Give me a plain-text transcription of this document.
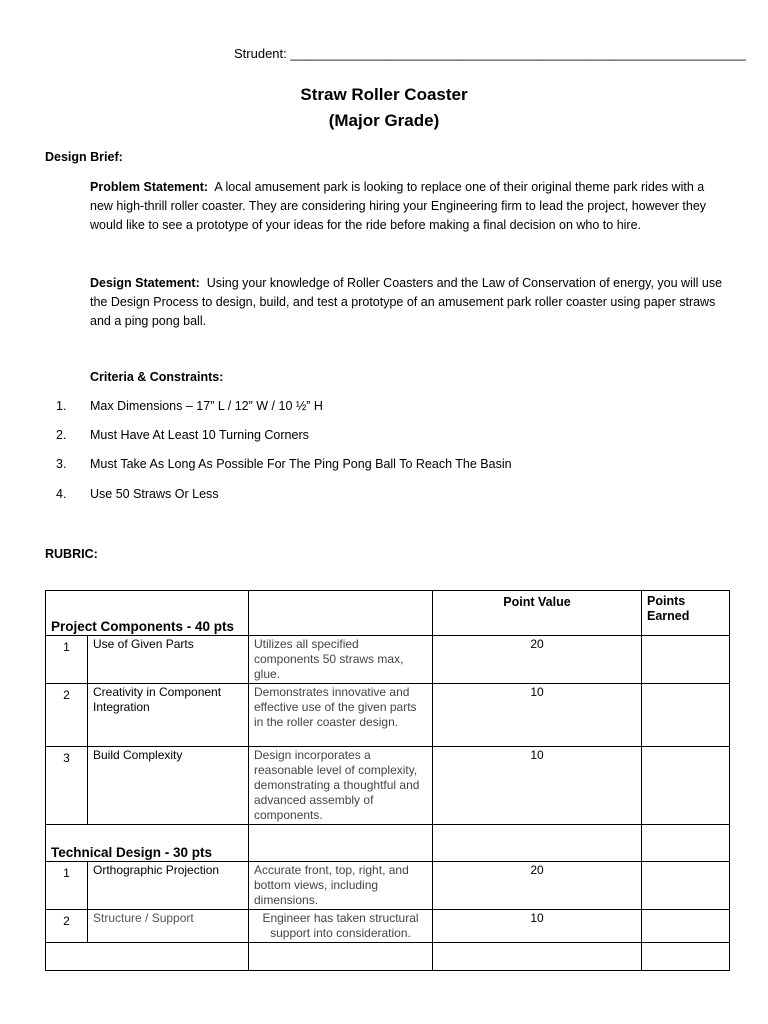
Strudent: _______________________________________________________________
Straw Roller Coaster
(Major Grade)
Design Brief:
Problem Statement: A local amusement park is looking to replace one of their original theme park rides with a new high-thrill roller coaster. They are considering hiring your Engineering firm to lead the project, however they would like to see a prototype of your ideas for the ride before making a final decision on who to hire.
Design Statement: Using your knowledge of Roller Coasters and the Law of Conservation of energy, you will use the Design Process to design, build, and test a prototype of an amusement park roller coaster using paper straws and a ping pong ball.
Criteria & Constraints:
1. Max Dimensions – 17” L / 12” W / 10 ½” H
2. Must Have At Least 10 Turning Corners
3. Must Take As Long As Possible For The Ping Pong Ball To Reach The Basin
4. Use 50 Straws Or Less
RUBRIC:
Project Components - 40 pts			Point Value	Points Earned
1	Use of Given Parts	Utilizes all specified components 50 straws max, glue.	20	
2	Creativity in Component Integration	Demonstrates innovative and effective use of the given parts in the roller coaster design.	10	
3	Build Complexity	Design incorporates a reasonable level of complexity, demonstrating a thoughtful and advanced assembly of components.	10	
Technical Design - 30 pts				
1	Orthographic Projection	Accurate front, top, right, and bottom views, including dimensions.	20	
2	Structure / Support	Engineer has taken structural support into consideration.	10	
